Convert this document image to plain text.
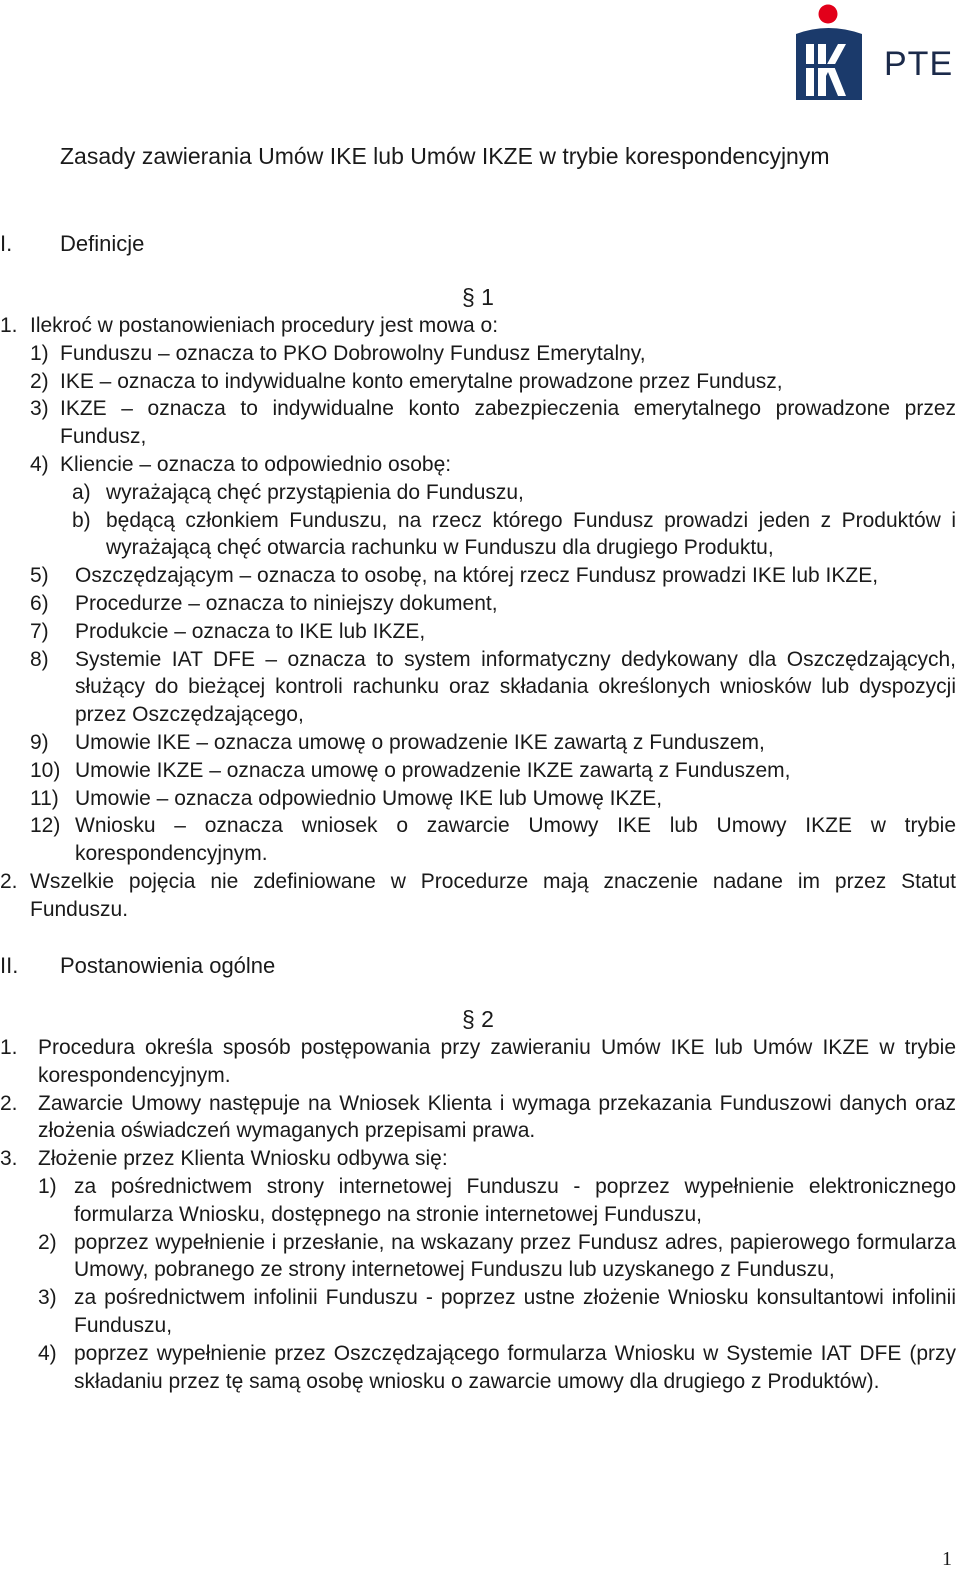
PTE
Zasady zawierania Umów IKE lub Umów IKZE w trybie korespondencyjnym
I. Definicje
§ 1
1. Ilekroć w postanowieniach procedury jest mowa o:
1) Funduszu – oznacza to PKO Dobrowolny Fundusz Emerytalny,
2) IKE – oznacza to indywidualne konto emerytalne prowadzone przez Fundusz,
3) IKZE – oznacza to indywidualne konto zabezpieczenia emerytalnego prowadzone przez Fundusz,
4) Kliencie – oznacza to odpowiednio osobę:
a) wyrażającą chęć przystąpienia do Funduszu,
b) będącą członkiem Funduszu, na rzecz którego Fundusz prowadzi jeden z Produktów i wyrażającą chęć otwarcia rachunku w Funduszu dla drugiego Produktu,
5)	Oszczędzającym – oznacza to osobę, na której rzecz Fundusz prowadzi IKE lub IKZE,
6)	Procedurze – oznacza to niniejszy dokument,
7)	Produkcie – oznacza to IKE lub IKZE,
8)	Systemie IAT DFE – oznacza to system informatyczny dedykowany dla Oszczędzających, służący do bieżącej kontroli rachunku oraz składania określonych wniosków lub dyspozycji przez Oszczędzającego,
9)	Umowie IKE – oznacza umowę o prowadzenie IKE zawartą z Funduszem,
10) Umowie IKZE – oznacza umowę o prowadzenie IKZE zawartą z Funduszem,
11) Umowie – oznacza odpowiednio Umowę IKE lub Umowę IKZE,
12) Wniosku – oznacza wniosek o zawarcie Umowy IKE lub Umowy IKZE w trybie korespondencyjnym.
2. Wszelkie pojęcia nie zdefiniowane w Procedurze mają znaczenie nadane im przez Statut Funduszu.
II. Postanowienia ogólne
§ 2
1. Procedura określa sposób postępowania przy zawieraniu Umów IKE lub Umów IKZE w trybie korespondencyjnym.
2. Zawarcie Umowy następuje na Wniosek Klienta i wymaga przekazania Funduszowi danych oraz złożenia oświadczeń wymaganych przepisami prawa.
3. Złożenie przez Klienta Wniosku odbywa się:
1) za pośrednictwem strony internetowej Funduszu - poprzez wypełnienie elektronicznego formularza Wniosku, dostępnego na stronie internetowej Funduszu,
2) poprzez wypełnienie i przesłanie, na wskazany przez Fundusz adres, papierowego formularza Umowy, pobranego ze strony internetowej Funduszu lub uzyskanego z Funduszu,
3) za pośrednictwem infolinii Funduszu - poprzez ustne złożenie Wniosku konsultantowi infolinii Funduszu,
4) poprzez wypełnienie przez Oszczędzającego formularza Wniosku w Systemie IAT DFE (przy składaniu przez tę samą osobę wniosku o zawarcie umowy dla drugiego z Produktów).
1
